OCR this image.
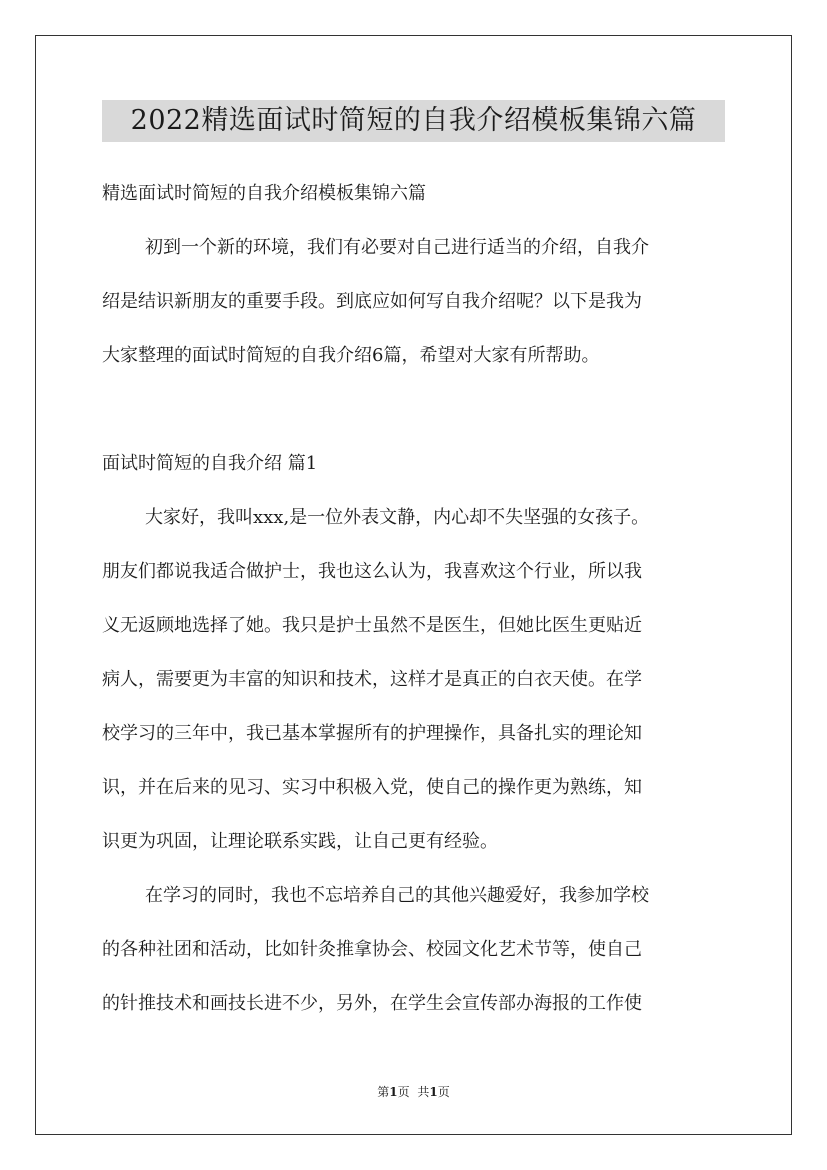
2022精选面试时简短的自我介绍模板集锦六篇
精选面试时简短的自我介绍模板集锦六篇
初到一个新的环境，我们有必要对自己进行适当的介绍，自我介
绍是结识新朋友的重要手段。到底应如何写自我介绍呢？以下是我为
大家整理的面试时简短的自我介绍6篇，希望对大家有所帮助。
面试时简短的自我介绍 篇1
大家好，我叫xxx,是一位外表文静，内心却不失坚强的女孩子。
朋友们都说我适合做护士，我也这么认为，我喜欢这个行业，所以我
义无返顾地选择了她。我只是护士虽然不是医生，但她比医生更贴近
病人，需要更为丰富的知识和技术，这样才是真正的白衣天使。在学
校学习的三年中，我已基本掌握所有的护理操作，具备扎实的理论知
识，并在后来的见习、实习中积极入党，使自己的操作更为熟练，知
识更为巩固，让理论联系实践，让自己更有经验。
在学习的同时，我也不忘培养自己的其他兴趣爱好，我参加学校
的各种社团和活动，比如针灸推拿协会、校园文化艺术节等，使自己
的针推技术和画技长进不少，另外，在学生会宣传部办海报的工作使
第1页 共1页
